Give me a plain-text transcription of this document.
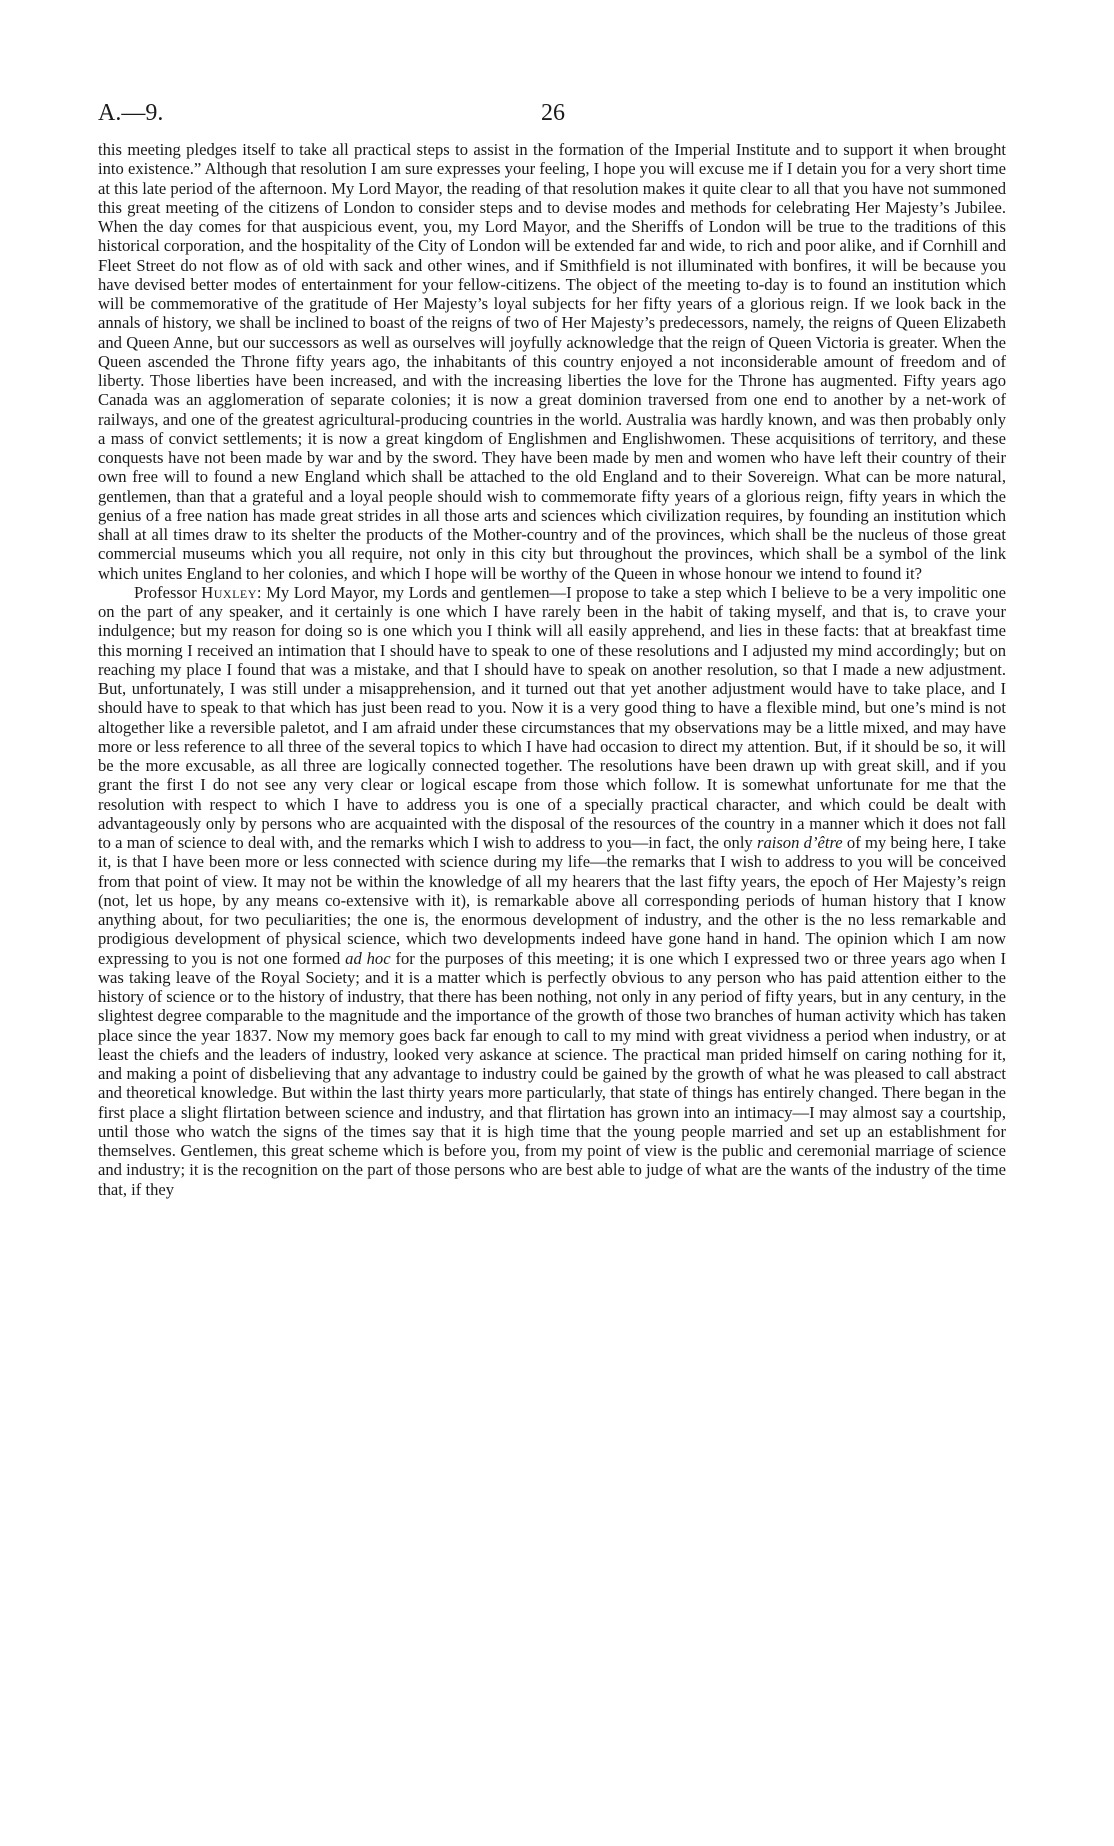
A.—9.	26

this meeting pledges itself to take all practical steps to assist in the formation of the Imperial Institute and to support it when brought into existence.” Although that resolution I am sure expresses your feeling, I hope you will excuse me if I detain you for a very short time at this late period of the afternoon. My Lord Mayor, the reading of that resolution makes it quite clear to all that you have not summoned this great meeting of the citizens of London to consider steps and to devise modes and methods for celebrating Her Majesty’s Jubilee. When the day comes for that auspicious event, you, my Lord Mayor, and the Sheriffs of London will be true to the traditions of this historical corporation, and the hospitality of the City of London will be extended far and wide, to rich and poor alike, and if Cornhill and Fleet Street do not flow as of old with sack and other wines, and if Smithfield is not illuminated with bonfires, it will be because you have devised better modes of entertainment for your fellow-citizens. The object of the meeting to-day is to found an institution which will be commemorative of the gratitude of Her Majesty’s loyal subjects for her fifty years of a glorious reign. If we look back in the annals of history, we shall be inclined to boast of the reigns of two of Her Majesty’s predecessors, namely, the reigns of Queen Elizabeth and Queen Anne, but our successors as well as ourselves will joyfully acknowledge that the reign of Queen Victoria is greater. When the Queen ascended the Throne fifty years ago, the inhabitants of this country enjoyed a not inconsiderable amount of freedom and of liberty. Those liberties have been increased, and with the increasing liberties the love for the Throne has augmented. Fifty years ago Canada was an agglomeration of separate colonies; it is now a great dominion traversed from one end to another by a net-work of railways, and one of the greatest agricultural-producing countries in the world. Australia was hardly known, and was then probably only a mass of convict settlements; it is now a great kingdom of Englishmen and Englishwomen. These acquisitions of territory, and these conquests have not been made by war and by the sword. They have been made by men and women who have left their country of their own free will to found a new England which shall be attached to the old England and to their Sovereign. What can be more natural, gentlemen, than that a grateful and a loyal people should wish to commemorate fifty years of a glorious reign, fifty years in which the genius of a free nation has made great strides in all those arts and sciences which civilization requires, by founding an institution which shall at all times draw to its shelter the products of the Mother-country and of the provinces, which shall be the nucleus of those great commercial museums which you all require, not only in this city but throughout the provinces, which shall be a symbol of the link which unites England to her colonies, and which I hope will be worthy of the Queen in whose honour we intend to found it?

Professor Huxley: My Lord Mayor, my Lords and gentlemen—I propose to take a step which I believe to be a very impolitic one on the part of any speaker, and it certainly is one which I have rarely been in the habit of taking myself, and that is, to crave your indulgence; but my reason for doing so is one which you I think will all easily apprehend, and lies in these facts: that at breakfast time this morning I received an intimation that I should have to speak to one of these resolutions and I adjusted my mind accordingly; but on reaching my place I found that was a mistake, and that I should have to speak on another resolution, so that I made a new adjustment. But, unfortunately, I was still under a misapprehension, and it turned out that yet another adjustment would have to take place, and I should have to speak to that which has just been read to you. Now it is a very good thing to have a flexible mind, but one’s mind is not altogether like a reversible paletot, and I am afraid under these circumstances that my observations may be a little mixed, and may have more or less reference to all three of the several topics to which I have had occasion to direct my attention. But, if it should be so, it will be the more excusable, as all three are logically connected together. The resolutions have been drawn up with great skill, and if you grant the first I do not see any very clear or logical escape from those which follow. It is somewhat unfortunate for me that the resolution with respect to which I have to address you is one of a specially practical character, and which could be dealt with advantageously only by persons who are acquainted with the disposal of the resources of the country in a manner which it does not fall to a man of science to deal with, and the remarks which I wish to address to you—in fact, the only raison d’être of my being here, I take it, is that I have been more or less connected with science during my life—the remarks that I wish to address to you will be conceived from that point of view. It may not be within the knowledge of all my hearers that the last fifty years, the epoch of Her Majesty’s reign (not, let us hope, by any means co-extensive with it), is remarkable above all corresponding periods of human history that I know anything about, for two peculiarities; the one is, the enormous development of industry, and the other is the no less remarkable and prodigious development of physical science, which two developments indeed have gone hand in hand. The opinion which I am now expressing to you is not one formed ad hoc for the purposes of this meeting; it is one which I expressed two or three years ago when I was taking leave of the Royal Society; and it is a matter which is perfectly obvious to any person who has paid attention either to the history of science or to the history of industry, that there has been nothing, not only in any period of fifty years, but in any century, in the slightest degree comparable to the magnitude and the importance of the growth of those two branches of human activity which has taken place since the year 1837. Now my memory goes back far enough to call to my mind with great vividness a period when industry, or at least the chiefs and the leaders of industry, looked very askance at science. The practical man prided himself on caring nothing for it, and making a point of disbelieving that any advantage to industry could be gained by the growth of what he was pleased to call abstract and theoretical knowledge. But within the last thirty years more particularly, that state of things has entirely changed. There began in the first place a slight flirtation between science and industry, and that flirtation has grown into an intimacy—I may almost say a courtship, until those who watch the signs of the times say that it is high time that the young people married and set up an establishment for themselves. Gentlemen, this great scheme which is before you, from my point of view is the public and ceremonial marriage of science and industry; it is the recognition on the part of those persons who are best able to judge of what are the wants of the industry of the time that, if they
